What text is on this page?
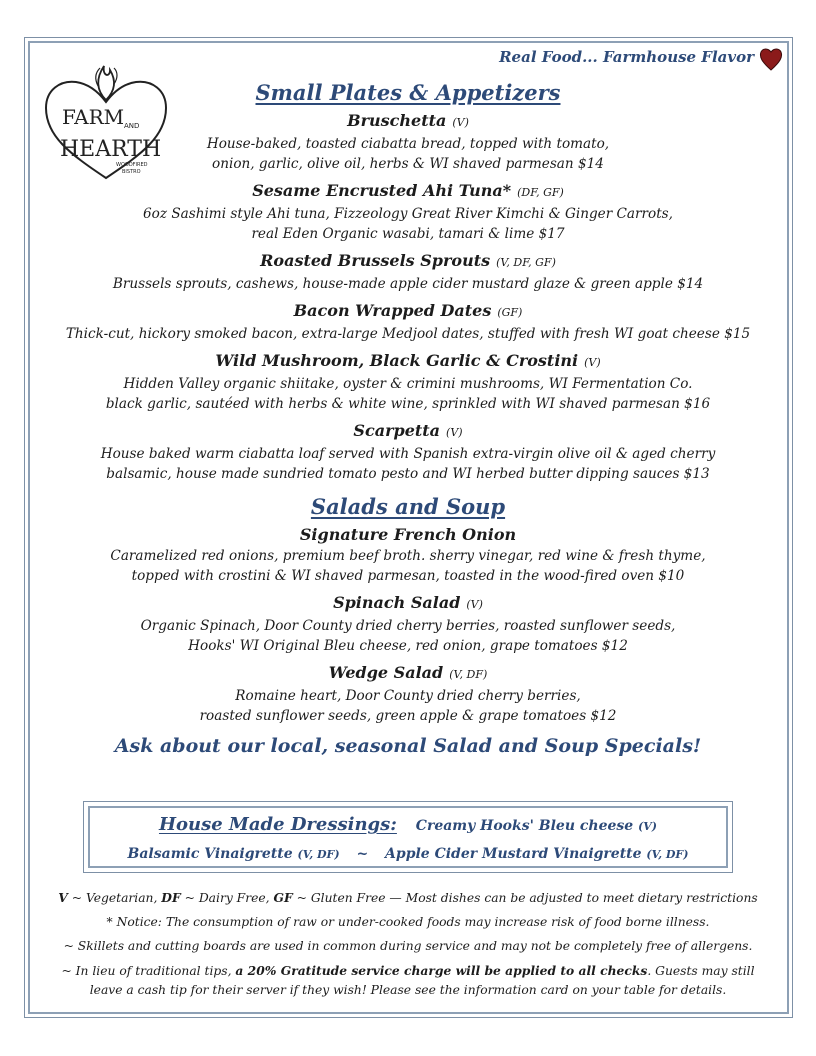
Real Food... Farmhouse Flavor
FARM AND
HEARTH
WOODFIRED
BISTRO
Small Plates & Appetizers

Bruschetta (V)

House-baked, toasted ciabatta bread, topped with tomato,

onion, garlic, olive oil, herbs & WI shaved parmesan $14

Sesame Encrusted Ahi Tuna* (DF, GF)

6oz Sashimi style Ahi tuna, Fizzeology Great River Kimchi & Ginger Carrots,

real Eden Organic wasabi, tamari & lime $17

Roasted Brussels Sprouts (V, DF, GF)

Brussels sprouts, cashews, house-made apple cider mustard glaze & green apple $14

Bacon Wrapped Dates (GF)

Thick-cut, hickory smoked bacon, extra-large Medjool dates, stuffed with fresh WI goat cheese $15

Wild Mushroom, Black Garlic & Crostini (V)

Hidden Valley organic shiitake, oyster & crimini mushrooms, WI Fermentation Co.

black garlic, sautéed with herbs & white wine, sprinkled with WI shaved parmesan $16

Scarpetta (V)

House baked warm ciabatta loaf served with Spanish extra-virgin olive oil & aged cherry

balsamic, house made sundried tomato pesto and WI herbed butter dipping sauces $13

Salads and Soup

Signature French Onion

Caramelized red onions, premium beef broth. sherry vinegar, red wine & fresh thyme,

topped with crostini & WI shaved parmesan, toasted in the wood-fired oven $10

Spinach Salad (V)

Organic Spinach, Door County dried cherry berries, roasted sunflower seeds,

Hooks' WI Original Bleu cheese, red onion, grape tomatoes $12

Wedge Salad (V, DF)

Romaine heart, Door County dried cherry berries,

roasted sunflower seeds, green apple & grape tomatoes $12

Ask about our local, seasonal Salad and Soup Specials!

House Made Dressings: Creamy Hooks' Bleu cheese (V)
Balsamic Vinaigrette (V, DF) ~ Apple Cider Mustard Vinaigrette (V, DF)

V ~ Vegetarian, DF ~ Dairy Free, GF ~ Gluten Free — Most dishes can be adjusted to meet dietary restrictions

* Notice: The consumption of raw or under-cooked foods may increase risk of food borne illness.

~ Skillets and cutting boards are used in common during service and may not be completely free of allergens.

~ In lieu of traditional tips, a 20% Gratitude service charge will be applied to all checks. Guests may still

leave a cash tip for their server if they wish! Please see the information card on your table for details.
